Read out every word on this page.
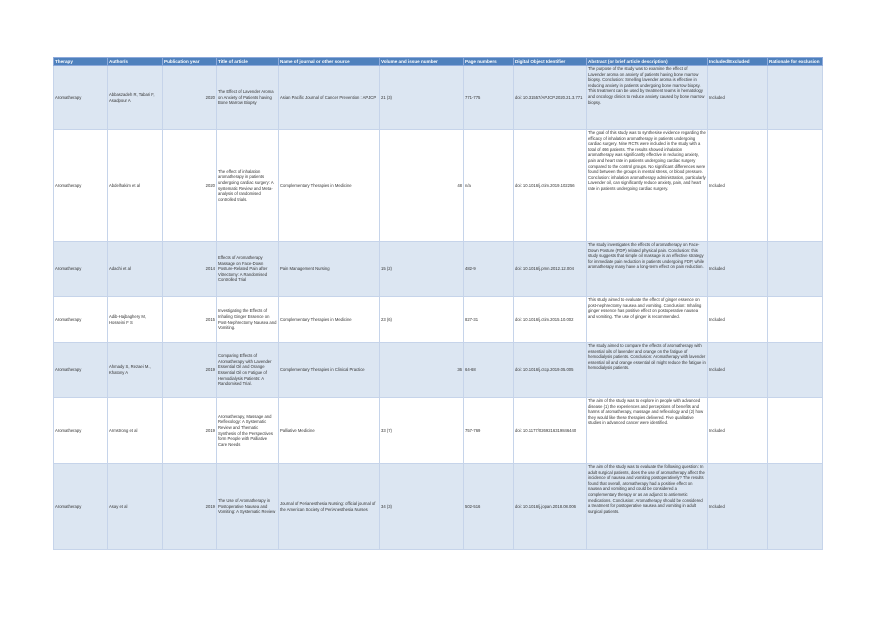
Therapy	Author/s	Publication year	Title of article	Name of journal or other source	Volume and issue number	Page numbers	Digital Object Identifier	Abstract (or brief article description)	Included/Excluded	Rationale for exclusion
Aromatherapy	Abbaszadeh R, Tabari F, Asadpour A	2020	The Effect of Lavender Aroma on Anxiety of Patients having Bone Marrow Biopsy	Asian Pacific Journal of Cancer Prevention : APJCP	21 (3)	771-775	doi: 10.31557/APJCP.2020.21.3.771	The purpose of the study was to examine the effect of Lavender aroma on anxiety of patients having bone marrow biopsy. Conclusion: Smelling lavender aroma is effective in reducing anxiety in patients undergoing bone marrow biopsy. This treatment can be used by treatment teams in hematology and oncology clinics to reduce anxiety caused by bone marrow biopsy.	Included	
Aromatherapy	Abdelhakim et al	2020	The effect of inhalation aromatherapy in patients undergoing cardiac surgery: A systematic Review and Meta-analysis of randomised controlled trials.	Complementary Therapies in Medicine	48	n/a	doi: 10.1016/j.ctim.2019.102256	The goal of this study was to synthesise evidence regarding the efficacy of inhalation aromatherapy in patients undergoing cardiac surgery. Nine RCTs were included in the study with a total of 466 patients. The results showed inhalation aromatherapy was significantly effective in reducing anxiety, pain and heart rate in patients undergoing cardiac surgery compared to the control groups. No significant differences were found between the groups in mental stress, or blood pressure. Conclusion: inhalation aromatherapy administration, particularly Lavender oil, can significantly reduce anxiety, pain, and heart rate in patients undergoing cardiac surgery.	Included	
Aromatherapy	Adachi et al	2014	Effects of Aromatherapy Massage on Face-Down Posture-Related Pain after Vitrectomy: A Randomised Controlled Trial	Pain Management Nursing	15 (2)	482-9	doi: 10.1016/j.pmn.2012.12.004	The study investigates the effects of aromatherapy on Face-Down Posture (FDP) related physical pain. Conclusion: this study suggests that simple oil massage is an effective strategy for immediate pain reduction in patients undergoing FDP, while aromatherapy many have a long-term effect on pain reduction.	Included	
Aromatherapy	Adib-Hajbaghery M, Hosseini F S	2015	Investigating the Effects of Inhaling Ginger Essence on Post-Nephrectomy Nausea and Vomiting.	Complementary Therapies in Medicine	23 (6)	827-31	doi: 10.1016/j.ctim.2015.10.002	This study aimed to evaluate the effect of ginger essence on post-nephrectomy nausea and vomiting. Conclusion: Inhaling ginger essence has positive effect on postoperative nausea and vomiting. The use of ginger is recommended.	Included	
Aromatherapy	Ahmady S, Rezaei M., Khatony A	2019	Comparing Effects of Aromatherapy with Lavender Essential Oil and Orange Essential Oil on Fatigue of Hemodialysis Patients: A Randomised Trial.	Complementary Therapies in Clinical Practice	36	64-68	doi: 10.1016/j.ctcp.2019.05.005	The study aimed to compare the effects of aromatherapy with essential oils of lavender and orange on the fatigue of hemodialysis patients. Conclusion: Aromatherapy with lavender essential oil and orange essential oil might reduce the fatigue in hemodialysis patients.	Included	
Aromatherapy	Armstrong et al	2019	Aromatherapy, Massage and Reflexology: A Systematic Review and Thematic Synthesis of the Perspectives form People with Palliative Care Needs	Palliative Medicine	33 (7)	757-769	doi: 10.1177/0269216319846440	The aim of the study was to explore in people with advanced disease (1) the experiences and perceptions of benefits and harms of aromatherapy, massage and reflexology and (2) how they would like these therapies delivered. Five qualitative studies in advanced cancer were identified.	Included	
Aromatherapy	Asay et al	2019	The Use of Aromatherapy in Postoperative Nausea and Vomiting: A Systematic Review	Journal of Perianesthesia Nursing: official journal of the American Society of PeriAnesthesia Nurses	34 (3)	502-516	doi: 10.1016/j.jopan.2018.08.006	The aim of the study was to evaluate the following question: In adult surgical patients, does the use of aromatherapy affect the incidence of nausea and vomiting postoperatively? The results found that overall, aromatherapy had a positive effect on nausea and vomiting and could be considered a complementary therapy or as an adjunct to antiemetic medications. Conclusion: Aromatherapy should be considered a treatment for postoperative nausea and vomiting in adult surgical patients.	Included	
